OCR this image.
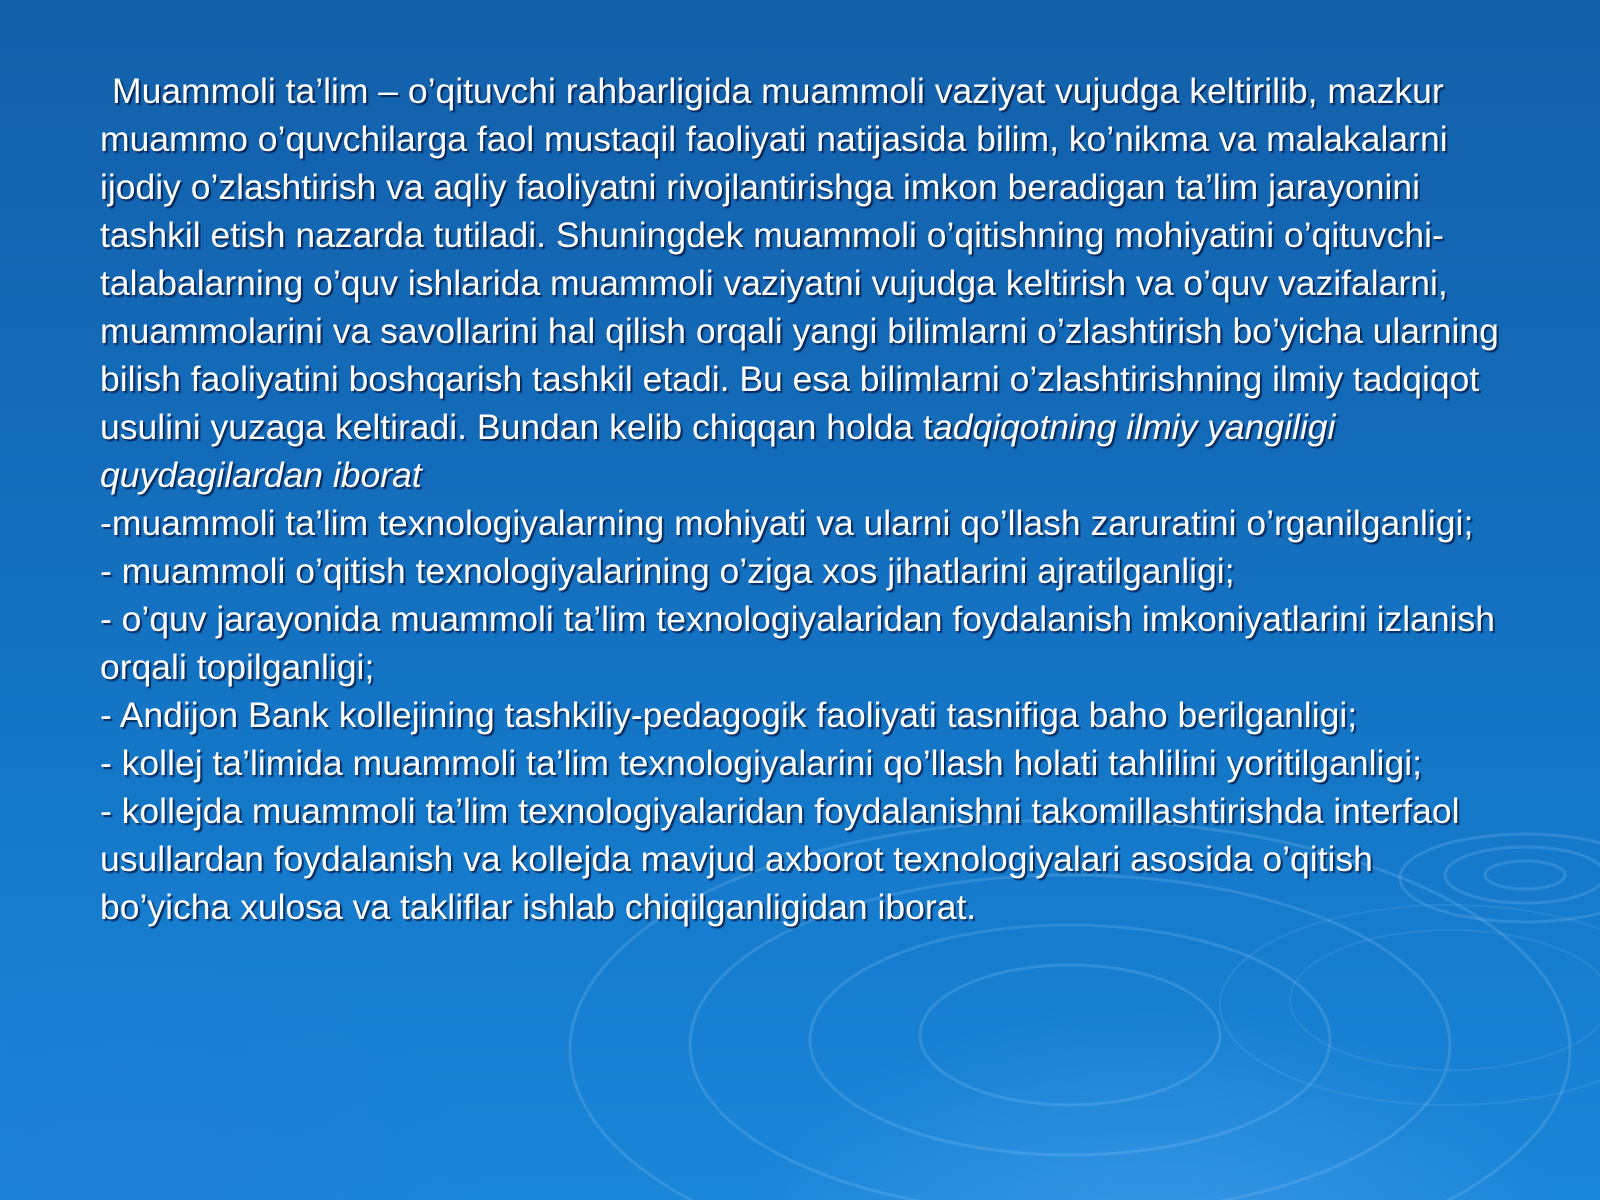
Muammoli ta’lim – o’qituvchi rahbarligida muammoli vaziyat vujudga keltirilib, mazkur muammo o’quvchilarga faol mustaqil faoliyati natijasida bilim, ko’nikma va malakalarni ijodiy o’zlashtirish va aqliy faoliyatni rivojlantirishga imkon beradigan ta’lim jarayonini tashkil etish nazarda tutiladi. Shuningdek muammoli o’qitishning mohiyatini o’qituvchi-talabalarning o’quv ishlarida muammoli vaziyatni vujudga keltirish va o’quv vazifalarni, muammolarini va savollarini hal qilish orqali yangi bilimlarni o’zlashtirish bo’yicha ularning bilish faoliyatini boshqarish tashkil etadi. Bu esa bilimlarni o’zlashtirishning ilmiy tadqiqot usulini yuzaga keltiradi. Bundan kelib chiqqan holda tadqiqotning ilmiy yangiligi quydagilardan iborat

-muammoli ta’lim texnologiyalarning mohiyati va ularni qo’llash zaruratini o’rganilganligi;

- muammoli o’qitish texnologiyalarining o’ziga xos jihatlarini ajratilganligi;

- o’quv jarayonida muammoli ta’lim texnologiyalaridan foydalanish imkoniyatlarini izlanish orqali topilganligi;

- Andijon Bank kollejining tashkiliy-pedagogik faoliyati tasnifiga baho berilganligi;

- kollej ta’limida muammoli ta’lim texnologiyalarini qo’llash holati tahlilini yoritilganligi;

- kollejda muammoli ta’lim texnologiyalaridan foydalanishni takomillashtirishda interfaol usullardan foydalanish va kollejda mavjud axborot texnologiyalari asosida o’qitish bo’yicha xulosa va takliflar ishlab chiqilganligidan iborat.
